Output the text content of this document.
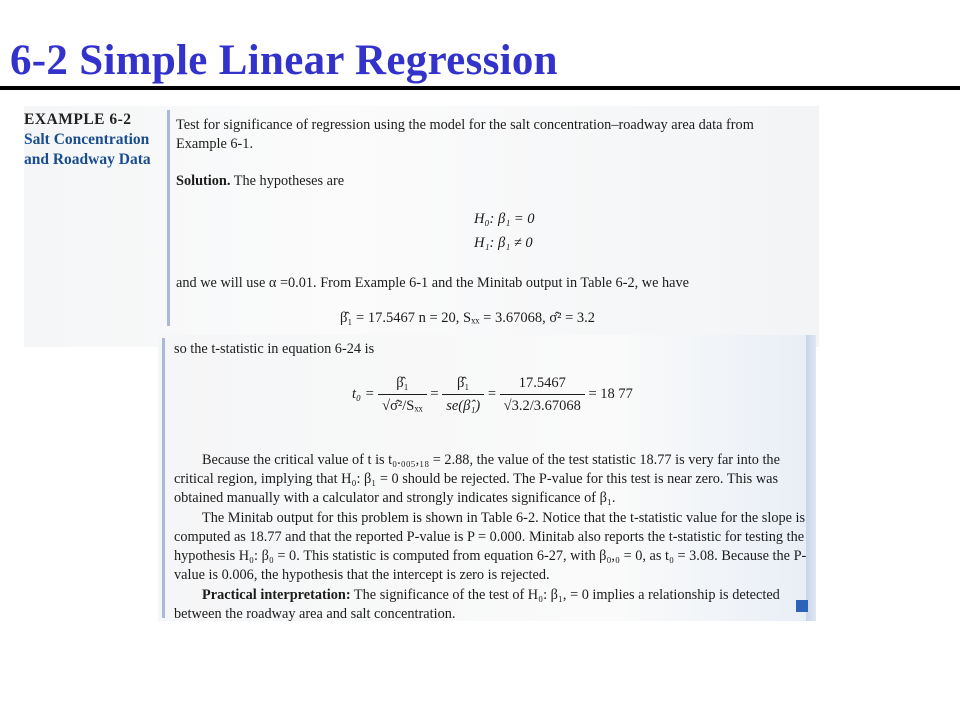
6-2 Simple Linear Regression
EXAMPLE 6-2
Salt Concentration
and Roadway Data
Test for significance of regression using the model for the salt concentration–roadway area data from Example 6-1.
Solution. The hypotheses are
H₀: β₁ = 0
H₁: β₁ ≠ 0
and we will use α =0.01. From Example 6-1 and the Minitab output in Table 6-2, we have
β̂₁ = 17.5467 n = 20, Sₓₓ = 3.67068, σ̂² = 3.2
so the t-statistic in equation 6-24 is
$t_0 = \frac{\text{β̂₁}}{\text{√σ̂²/Sₓₓ}} = \frac{\text{β̂₁}}{\text{se(β̂₁)}} = \frac{17.5467}{√3.2/3.67068} = 18$ 77
Because the critical value of t is t₀.₀₀₅,₁₈ = 2.88, the value of the test statistic 18.77 is very far into the critical region, implying that H₀: β₁ = 0 should be rejected. The P-value for this test is near zero. This was obtained manually with a calculator and strongly indicates significance of β₁.
The Minitab output for this problem is shown in Table 6-2. Notice that the t-statistic value for the slope is computed as 18.77 and that the reported P-value is P = 0.000. Minitab also reports the t-statistic for testing the hypothesis H₀: β₀ = 0. This statistic is computed from equation 6-27, with β₀,₀ = 0, as t₀ = 3.08. Because the P-value is 0.006, the hypothesis that the intercept is zero is rejected.
Practical interpretation: The significance of the test of H₀: β₁, = 0 implies a relationship is detected between the roadway area and salt concentration.
